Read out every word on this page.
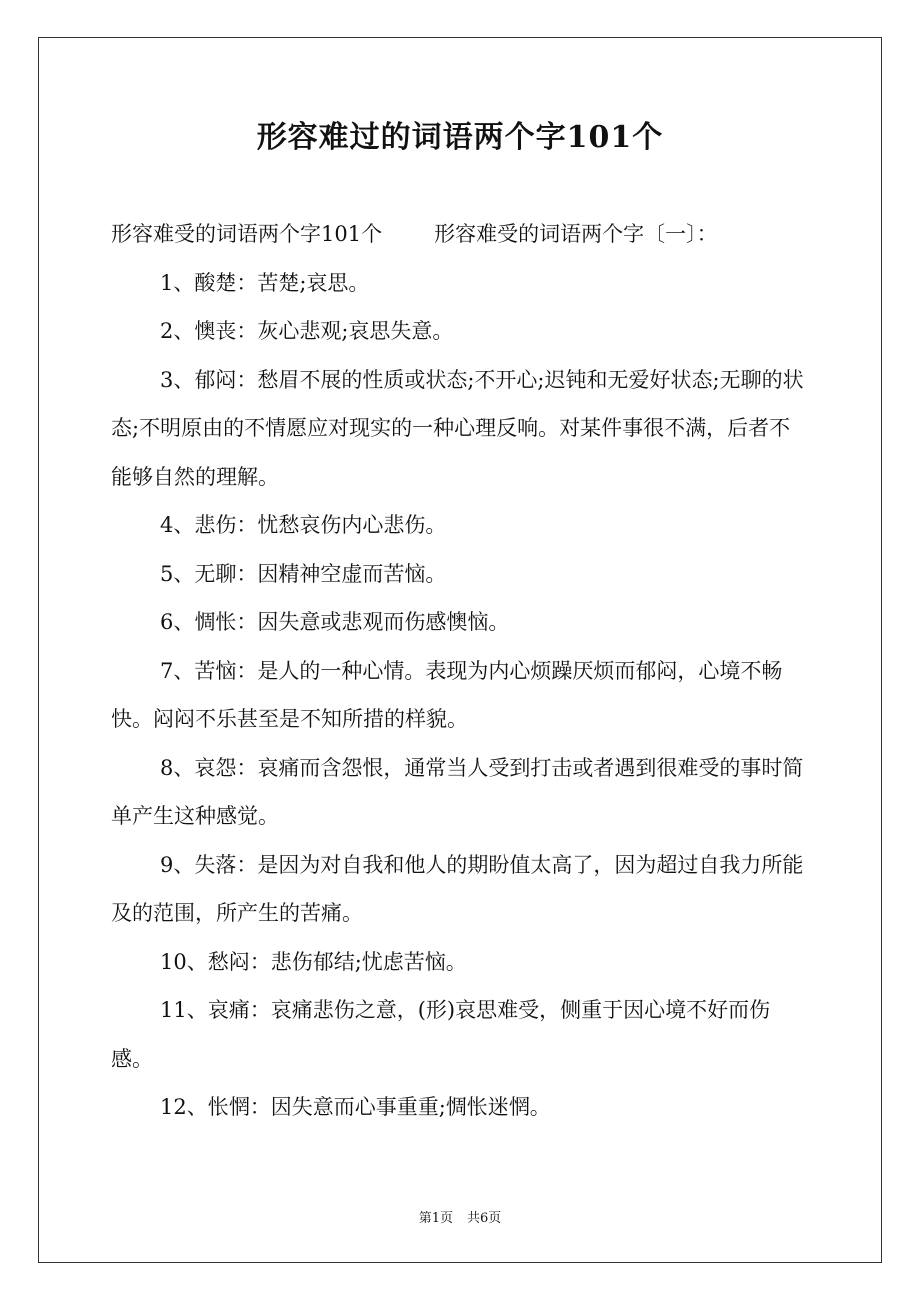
形容难过的词语两个字101个

形容难受的词语两个字101个 形容难受的词语两个字〔一〕：

1、酸楚：苦楚;哀思。

2、懊丧：灰心悲观;哀思失意。

3、郁闷：愁眉不展的性质或状态;不开心;迟钝和无爱好状态;无聊的状态;不明原由的不情愿应对现实的一种心理反响。对某件事很不满，后者不能够自然的理解。

4、悲伤：忧愁哀伤内心悲伤。

5、无聊：因精神空虚而苦恼。

6、惆怅：因失意或悲观而伤感懊恼。

7、苦恼：是人的一种心情。表现为内心烦躁厌烦而郁闷，心境不畅快。闷闷不乐甚至是不知所措的样貌。

8、哀怨：哀痛而含怨恨，通常当人受到打击或者遇到很难受的事时简单产生这种感觉。

9、失落：是因为对自我和他人的期盼值太高了，因为超过自我力所能及的范围，所产生的苦痛。

10、愁闷：悲伤郁结;忧虑苦恼。

11、哀痛：哀痛悲伤之意，(形)哀思难受，侧重于因心境不好而伤感。

12、怅惘：因失意而心事重重;惆怅迷惘。

第1页 共6页
